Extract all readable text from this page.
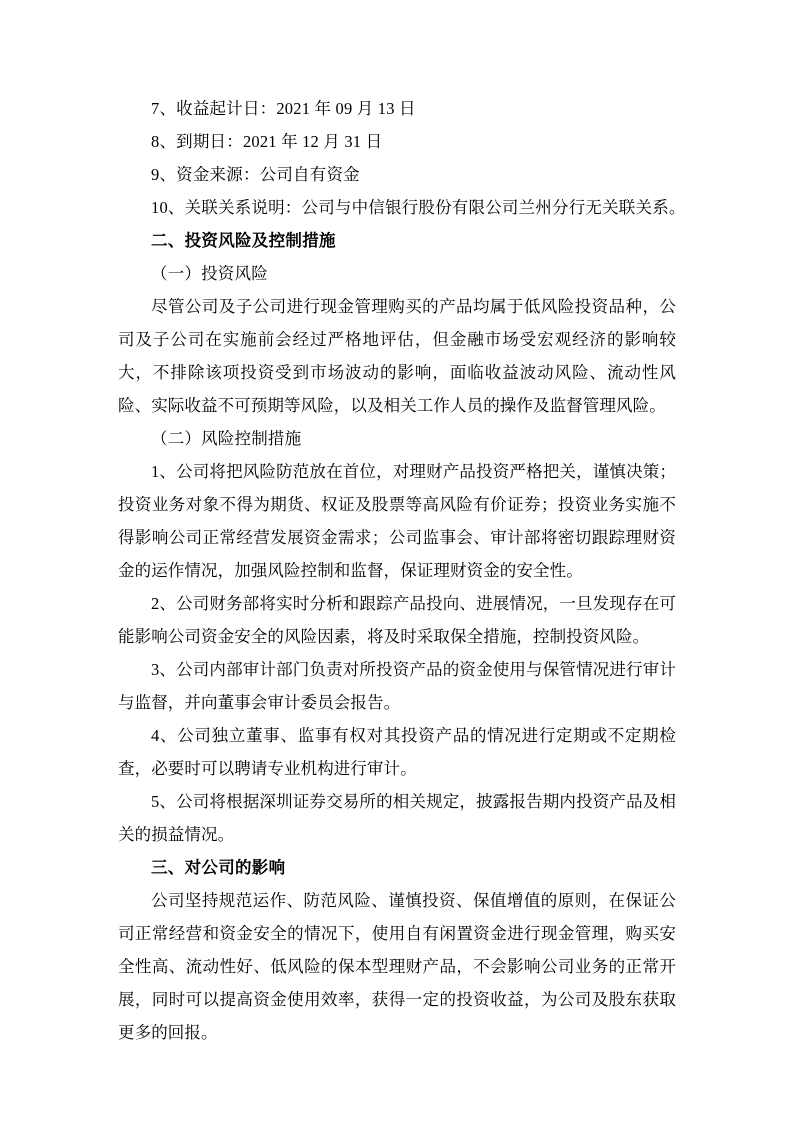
7、收益起计日：2021 年 09 月 13 日
8、到期日：2021 年 12 月 31 日
9、资金来源：公司自有资金
10、关联关系说明：公司与中信银行股份有限公司兰州分行无关联关系。
二、投资风险及控制措施
（一）投资风险
尽管公司及子公司进行现金管理购买的产品均属于低风险投资品种，公司及子公司在实施前会经过严格地评估，但金融市场受宏观经济的影响较大，不排除该项投资受到市场波动的影响，面临收益波动风险、流动性风险、实际收益不可预期等风险，以及相关工作人员的操作及监督管理风险。
（二）风险控制措施
1、公司将把风险防范放在首位，对理财产品投资严格把关，谨慎决策；投资业务对象不得为期货、权证及股票等高风险有价证券；投资业务实施不得影响公司正常经营发展资金需求；公司监事会、审计部将密切跟踪理财资金的运作情况，加强风险控制和监督，保证理财资金的安全性。
2、公司财务部将实时分析和跟踪产品投向、进展情况，一旦发现存在可能影响公司资金安全的风险因素，将及时采取保全措施，控制投资风险。
3、公司内部审计部门负责对所投资产品的资金使用与保管情况进行审计与监督，并向董事会审计委员会报告。
4、公司独立董事、监事有权对其投资产品的情况进行定期或不定期检查，必要时可以聘请专业机构进行审计。
5、公司将根据深圳证券交易所的相关规定，披露报告期内投资产品及相关的损益情况。
三、对公司的影响
公司坚持规范运作、防范风险、谨慎投资、保值增值的原则，在保证公司正常经营和资金安全的情况下，使用自有闲置资金进行现金管理，购买安全性高、流动性好、低风险的保本型理财产品，不会影响公司业务的正常开展，同时可以提高资金使用效率，获得一定的投资收益，为公司及股东获取更多的回报。
